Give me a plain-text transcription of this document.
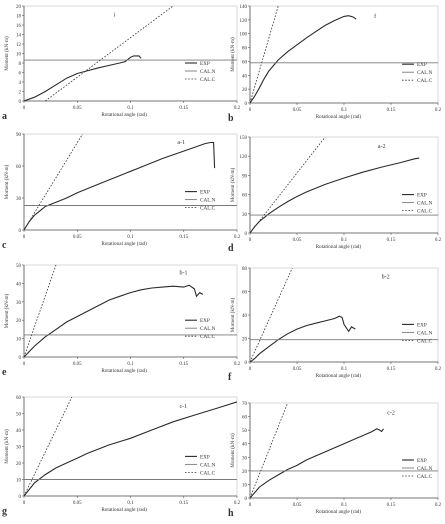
0
2
4
6
8
10
12
14
16
18
20
0	0.05	0.1	0.15	0.2
Rotational angle (rad)
Moment (kN·m)
i
EXP
CAL.N
CAL.C
a
0
20
40
60
80
100
120
140
0	0.05	0.1	0.15	0.2
Rotational angle (rad)
Moment (kN·m)
f
EXP
CAL.N
CAL.C
b
0
30
60
90
0	0.05	0.1	0.15	0.2
Rotational angle (rad)
Moment (kN·m)
a-1
EXP
CAL.N
CAL.C
c
0
30
60
90
120
150
0	0.05	0.1	0.15	0.2
Rotational angle (rad)
Moment (kN·m)
a-2
EXP
CAL.N
CAL.C
d
0
10
20
30
40
50
0	0.05	0.1	0.15	0.2
Rotational angle (rad)
Moment (kN·m)
b-1
EXP
CAL.N
CAL.C
e
0
20
40
60
80
0	0.05	0.1	0.15	0.2
Rotational angle (rad)
Moment (kN·m)
b-2
EXP
CAL.N
CAL.C
f
0
10
20
30
40
50
60
0	0.05	0.1	0.15	0.2
Rotational angle (rad)
Moment (kN·m)
c-1
EXP
CAL.N
CAL.C
g
0
10
20
30
40
50
60
70
0	0.05	0.1	0.15	0.2
Rotational angle (rad)
Moment (kN·m)
c-2
EXP
CAL.N
CAL.C
h
